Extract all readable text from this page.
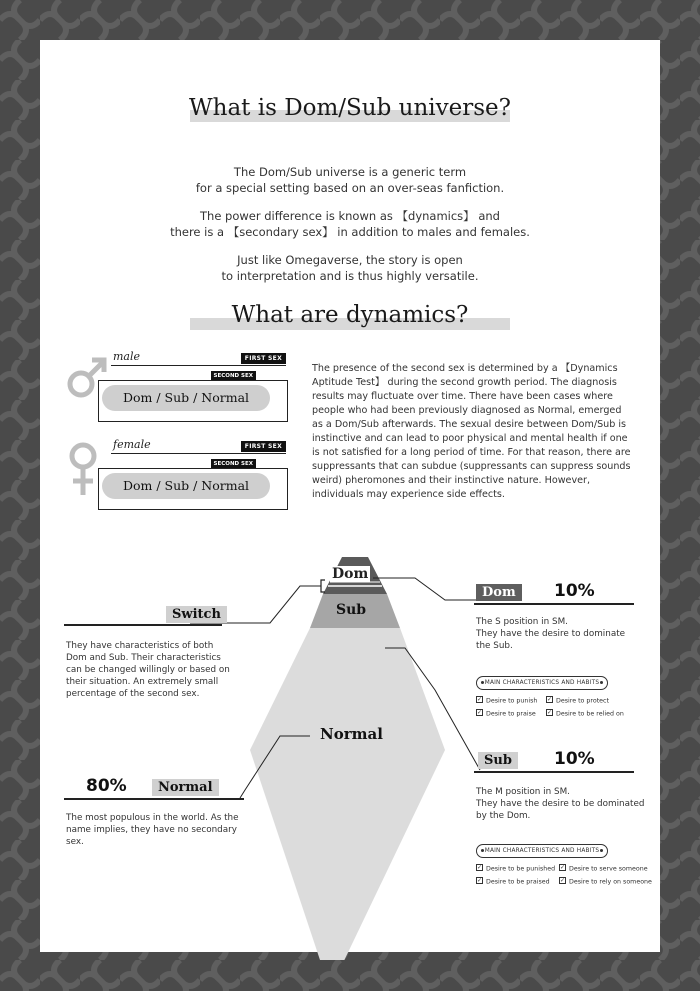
What is Dom/Sub universe?
The Dom/Sub universe is a generic term
for a special setting based on an over-seas fanfiction.
The power difference is known as 【dynamics】 and
there is a 【secondary sex】 in addition to males and females.
Just like Omegaverse, the story is open
to interpretation and is thus highly versatile.
What are dynamics?
male	FIRST SEX
SECOND SEX
Dom / Sub / Normal
female	FIRST SEX
SECOND SEX
Dom / Sub / Normal
The presence of the second sex is determined by a 【Dynamics Aptitude Test】 during the second growth period. The diagnosis results may fluctuate over time. There have been cases where people who had been previously diagnosed as Normal, emerged as a Dom/Sub afterwards. The sexual desire between Dom/Sub is instinctive and can lead to poor physical and mental health if one is not satisfied for a long period of time. For that reason, there are suppressants that can subdue (suppressants can suppress sounds weird) pheromones and their instinctive nature. However, individuals may experience side effects.
Dom
Sub
Normal
Switch
They have characteristics of both Dom and Sub. Their characteristics can be changed willingly or based on their situation. An extremely small percentage of the second sex.
80%	Normal
The most populous in the world. As the name implies, they have no secondary sex.
Dom	10%
The S position in SM.
They have the desire to dominate the Sub.
MAIN CHARACTERISTICS AND HABITS
✓ Desire to punish ✓ Desire to protect
✓ Desire to praise ✓ Desire to be relied on
Sub	10%
The M position in SM.
They have the desire to be dominated by the Dom.
MAIN CHARACTERISTICS AND HABITS
✓ Desire to be punished ✓ Desire to serve someone
✓ Desire to be praised ✓ Desire to rely on someone
